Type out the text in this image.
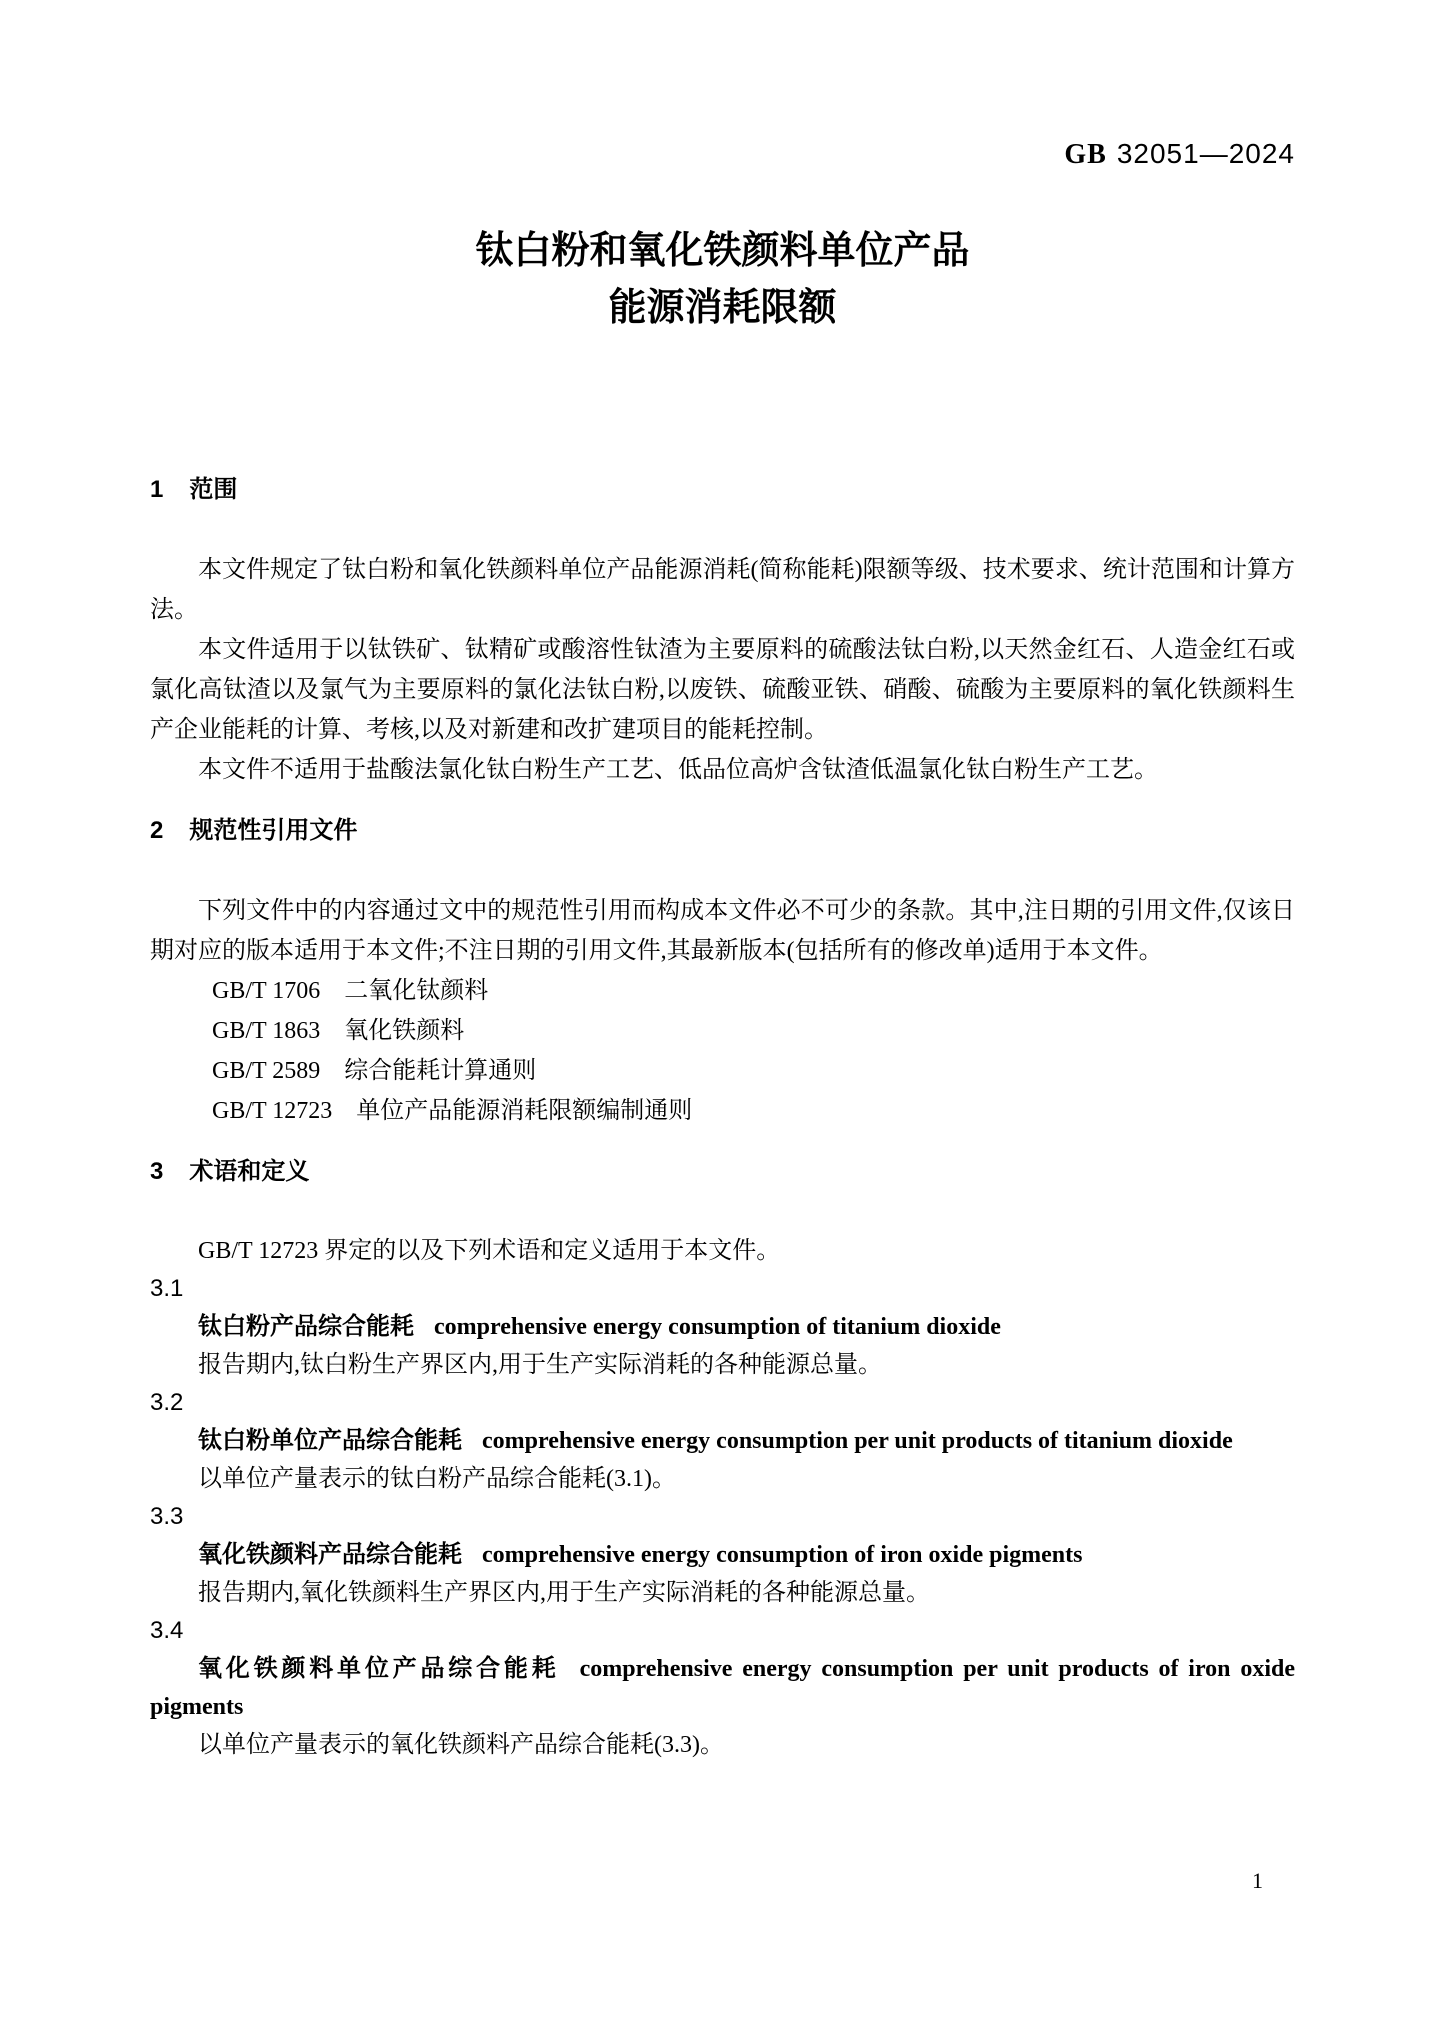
GB 32051—2024
钛白粉和氧化铁颜料单位产品
能源消耗限额
1 范围

本文件规定了钛白粉和氧化铁颜料单位产品能源消耗(简称能耗)限额等级、技术要求、统计范围和计算方法。

本文件适用于以钛铁矿、钛精矿或酸溶性钛渣为主要原料的硫酸法钛白粉,以天然金红石、人造金红石或氯化高钛渣以及氯气为主要原料的氯化法钛白粉,以废铁、硫酸亚铁、硝酸、硫酸为主要原料的氧化铁颜料生产企业能耗的计算、考核,以及对新建和改扩建项目的能耗控制。

本文件不适用于盐酸法氯化钛白粉生产工艺、低品位高炉含钛渣低温氯化钛白粉生产工艺。

2 规范性引用文件

下列文件中的内容通过文中的规范性引用而构成本文件必不可少的条款。其中,注日期的引用文件,仅该日期对应的版本适用于本文件;不注日期的引用文件,其最新版本(包括所有的修改单)适用于本文件。

GB/T 1706 二氧化钛颜料
GB/T 1863 氧化铁颜料
GB/T 2589 综合能耗计算通则
GB/T 12723 单位产品能源消耗限额编制通则
3 术语和定义

GB/T 12723 界定的以及下列术语和定义适用于本文件。

3.1

钛白粉产品综合能耗 comprehensive energy consumption of titanium dioxide

报告期内,钛白粉生产界区内,用于生产实际消耗的各种能源总量。

3.2

钛白粉单位产品综合能耗 comprehensive energy consumption per unit products of titanium dioxide

以单位产量表示的钛白粉产品综合能耗(3.1)。

3.3

氧化铁颜料产品综合能耗 comprehensive energy consumption of iron oxide pigments

报告期内,氧化铁颜料生产界区内,用于生产实际消耗的各种能源总量。

3.4

氧化铁颜料单位产品综合能耗 comprehensive energy consumption per unit products of iron oxide pigments

以单位产量表示的氧化铁颜料产品综合能耗(3.3)。

1
